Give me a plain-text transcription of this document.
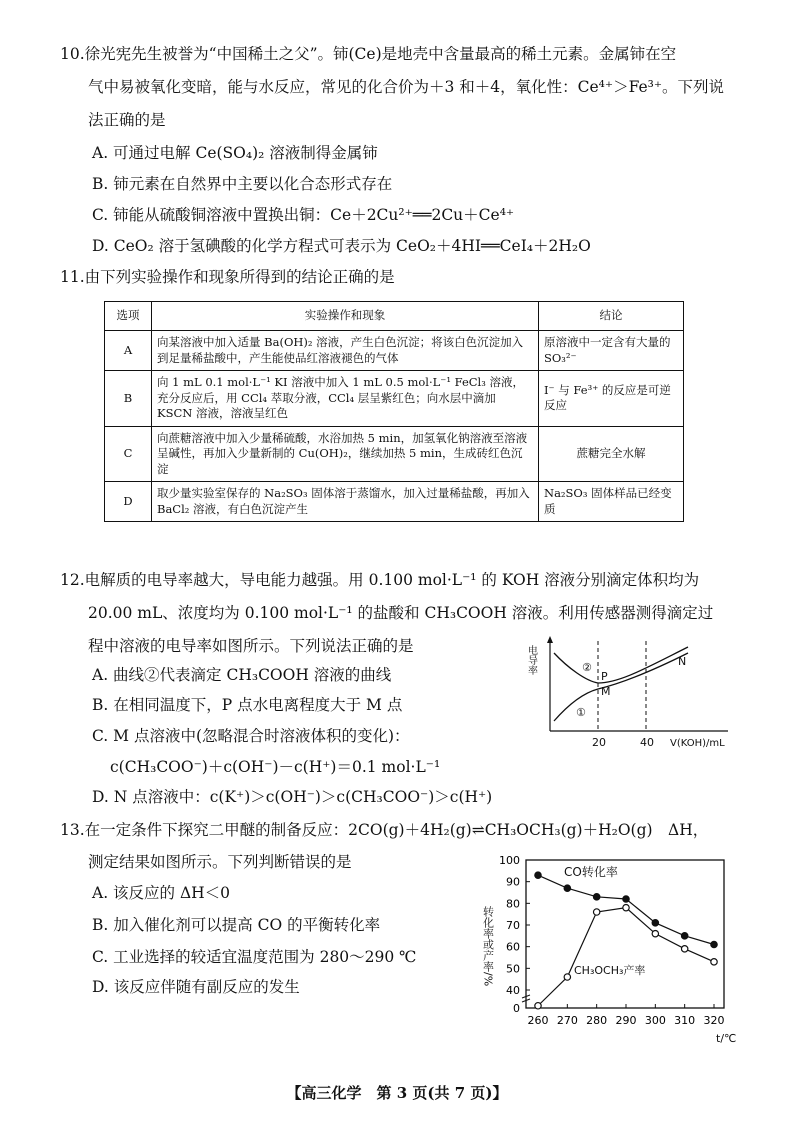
10.徐光宪先生被誉为“中国稀土之父”。铈(Ce)是地壳中含量最高的稀土元素。金属铈在空
气中易被氧化变暗，能与水反应，常见的化合价为＋3 和＋4，氧化性：Ce⁴⁺＞Fe³⁺。下列说
法正确的是
A. 可通过电解 Ce(SO₄)₂ 溶液制得金属铈
B. 铈元素在自然界中主要以化合态形式存在
C. 铈能从硫酸铜溶液中置换出铜：Ce＋2Cu²⁺══2Cu＋Ce⁴⁺
D. CeO₂ 溶于氢碘酸的化学方程式可表示为 CeO₂＋4HI══CeI₄＋2H₂O
11.由下列实验操作和现象所得到的结论正确的是
选项	实验操作和现象	结论
A	向某溶液中加入适量 Ba(OH)₂ 溶液，产生白色沉淀；将该白色沉淀加入到足量稀盐酸中，产生能使品红溶液褪色的气体	原溶液中一定含有大量的 SO₃²⁻
B	向 1 mL 0.1 mol·L⁻¹ KI 溶液中加入 1 mL 0.5 mol·L⁻¹ FeCl₃ 溶液，充分反应后，用 CCl₄ 萃取分液，CCl₄ 层呈紫红色；向水层中滴加 KSCN 溶液，溶液呈红色	I⁻ 与 Fe³⁺ 的反应是可逆反应
C	向蔗糖溶液中加入少量稀硫酸，水浴加热 5 min，加氢氧化钠溶液至溶液呈碱性，再加入少量新制的 Cu(OH)₂，继续加热 5 min，生成砖红色沉淀	蔗糖完全水解
D	取少量实验室保存的 Na₂SO₃ 固体溶于蒸馏水，加入过量稀盐酸，再加入 BaCl₂ 溶液，有白色沉淀产生	Na₂SO₃ 固体样品已经变质
12.电解质的电导率越大，导电能力越强。用 0.100 mol·L⁻¹ 的 KOH 溶液分别滴定体积均为
20.00 mL、浓度均为 0.100 mol·L⁻¹ 的盐酸和 CH₃COOH 溶液。利用传感器测得滴定过
程中溶液的电导率如图所示。下列说法正确的是
A. 曲线②代表滴定 CH₃COOH 溶液的曲线
B. 在相同温度下，P 点水电离程度大于 M 点
C. M 点溶液中(忽略混合时溶液体积的变化)：
c(CH₃COO⁻)＋c(OH⁻)－c(H⁺)＝0.1 mol·L⁻¹
D. N 点溶液中：c(K⁺)＞c(OH⁻)＞c(CH₃COO⁻)＞c(H⁺)
电导率	②
①
P
M
N
20	40 V(KOH)/mL
13.在一定条件下探究二甲醚的制备反应：2CO(g)＋4H₂(g)⇌CH₃OCH₃(g)＋H₂O(g)　ΔH，
测定结果如图所示。下列判断错误的是
A. 该反应的 ΔH＜0
B. 加入催化剂可以提高 CO 的平衡转化率
C. 工业选择的较适宜温度范围为 280～290 ℃
D. 该反应伴随有副反应的发生
转化率或产率/%
t/℃
CO转化率
CH₃OCH₃产率
0
40
50
60
70
80
90
100
260 270 280 290 300 310 320
【高三化学　第 3 页(共 7 页)】
